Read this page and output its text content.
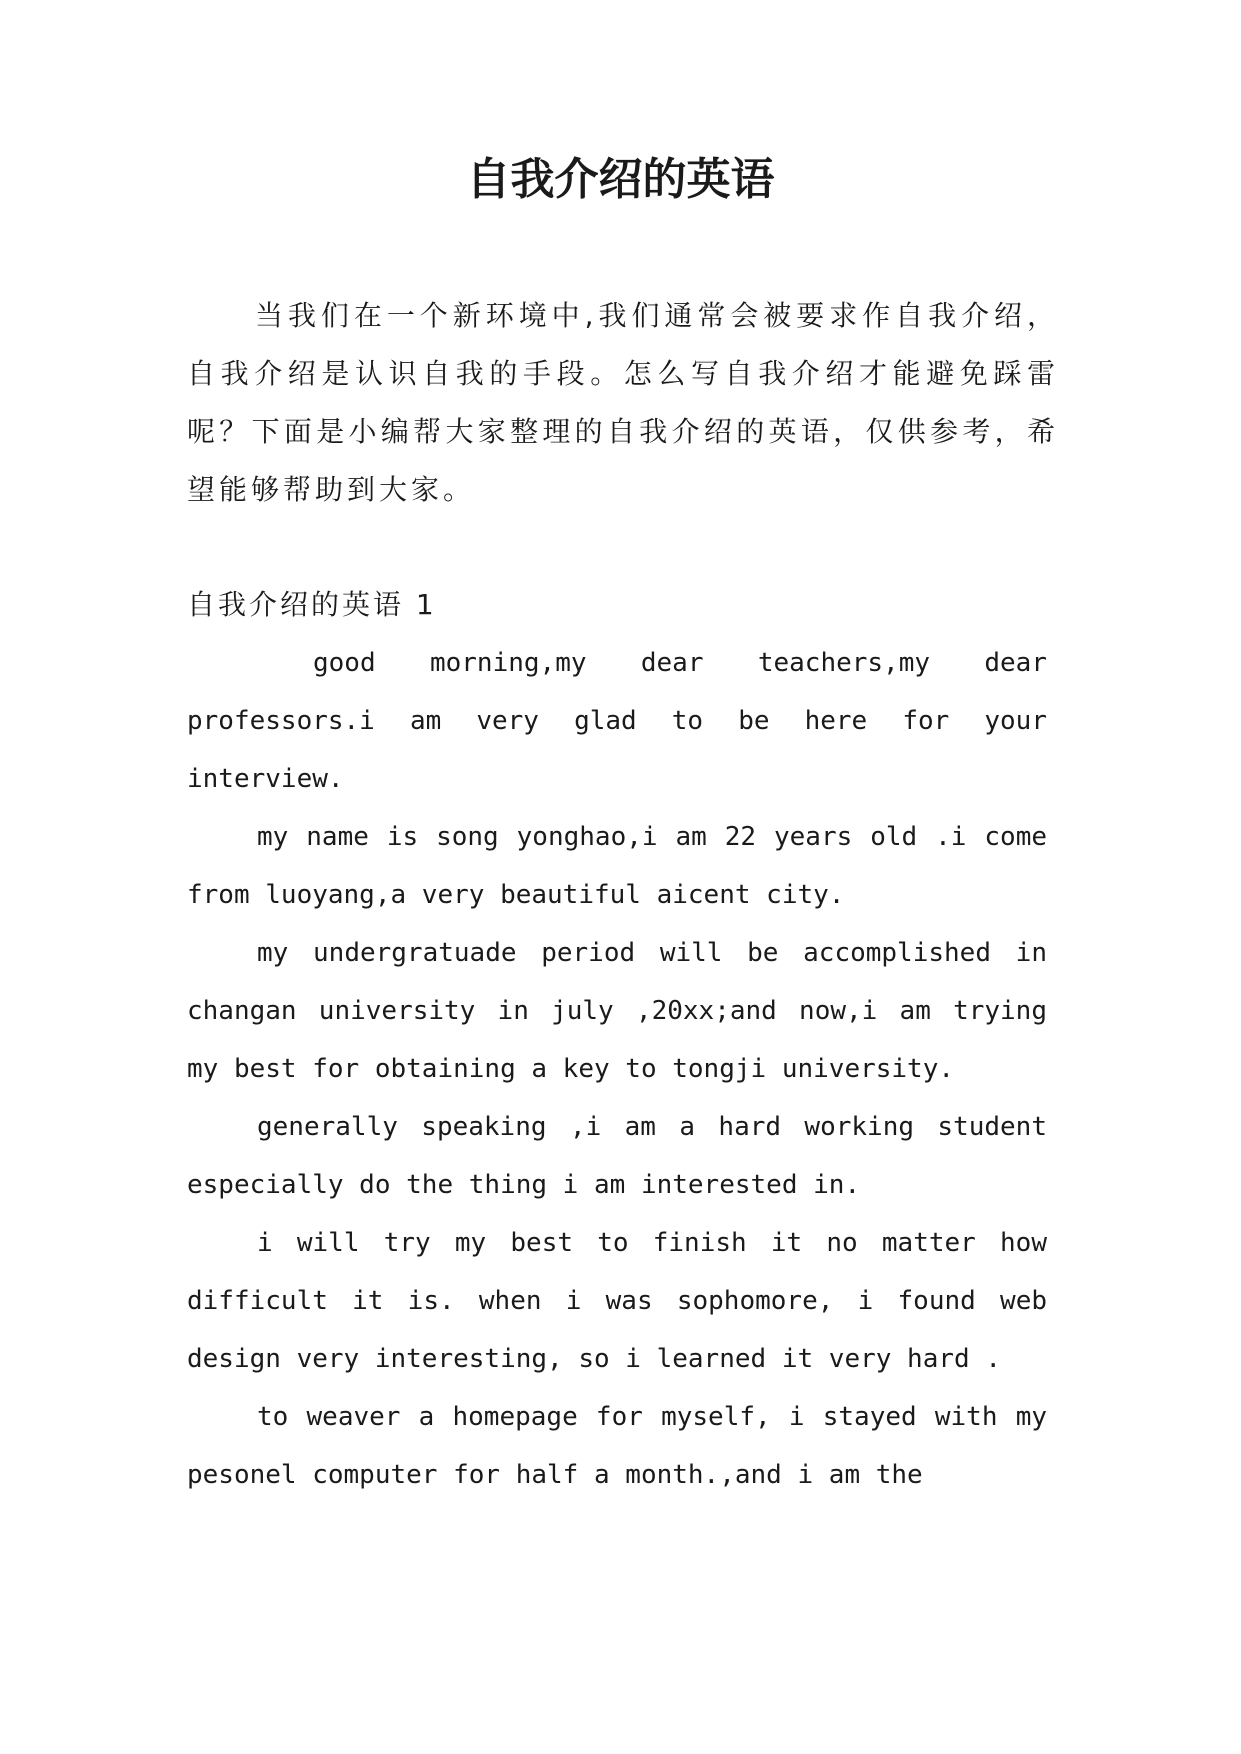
自我介绍的英语

当我们在一个新环境中,我们通常会被要求作自我介绍，自我介绍是认识自我的手段。怎么写自我介绍才能避免踩雷呢？下面是小编帮大家整理的自我介绍的英语，仅供参考，希望能够帮助到大家。

自我介绍的英语 1

good morning,my dear teachers,my dear professors.i am very glad to be here for your interview.

my name is song yonghao,i am 22 years old .i come from luoyang,a very beautiful aicent city.

my undergratuade period will be accomplished in changan university in july ,20xx;and now,i am trying my best for obtaining a key to tongji university.

generally speaking ,i am a hard working student especially do the thing i am interested in.

i will try my best to finish it no matter how difficult it is. when i was sophomore, i found web design very interesting, so i learned it very hard .

to weaver a homepage for myself, i stayed with my pesonel computer for half a month.,and i am the
